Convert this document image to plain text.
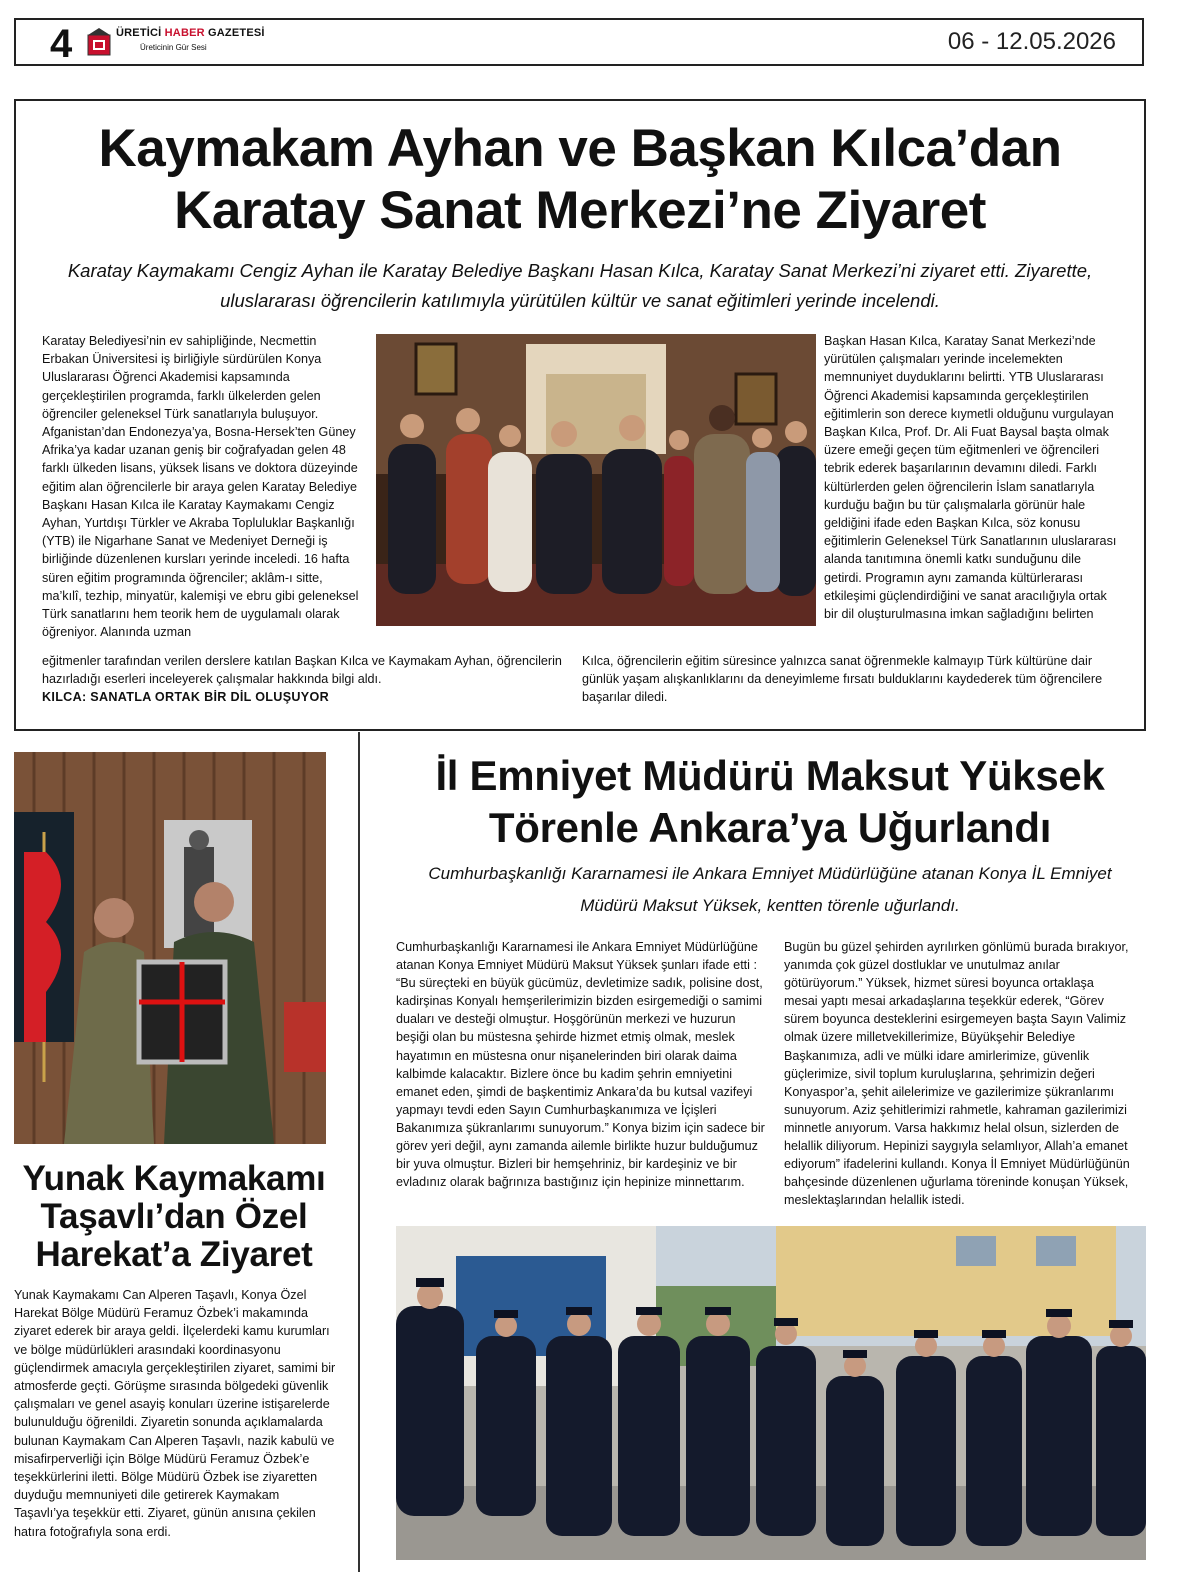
4	ÜRETİCİ HABER GAZETESİ
Üreticinin Gür Sesi	06 - 12.05.2026
Kaymakam Ayhan ve Başkan Kılca’dan
Karatay Sanat Merkezi’ne Ziyaret
Karatay Kaymakamı Cengiz Ayhan ile Karatay Belediye Başkanı Hasan Kılca, Karatay Sanat Merkezi’ni ziyaret etti. Ziyarette,
uluslararası öğrencilerin katılımıyla yürütülen kültür ve sanat eğitimleri yerinde incelendi.
Karatay Belediyesi’nin ev sahipliğinde, Necmettin Erbakan Üniversitesi iş birliğiyle sürdürülen Konya Uluslararası Öğrenci Akademisi kapsamında gerçekleştirilen programda, farklı ülkelerden gelen öğrenciler geleneksel Türk sanatlarıyla buluşuyor. Afganistan’dan Endonezya’ya, Bosna-Hersek’ten Güney Afrika’ya kadar uzanan geniş bir coğrafyadan gelen 48 farklı ülkeden lisans, yüksek lisans ve doktora düzeyinde eğitim alan öğrencilerle bir araya gelen Karatay Belediye Başkanı Hasan Kılca ile Karatay Kaymakamı Cengiz Ayhan, Yurtdışı Türkler ve Akraba Topluluklar Başkanlığı (YTB) ile Nigarhane Sanat ve Medeniyet Derneği iş birliğinde düzenlenen kursları yerinde inceledi. 16 hafta süren eğitim programında öğrenciler; aklâm-ı sitte, ma’kılî, tezhip, minyatür, kalemişi ve ebru gibi geleneksel Türk sanatlarını hem teorik hem de uygulamalı olarak öğreniyor. Alanında uzman
Başkan Hasan Kılca, Karatay Sanat Merkezi’nde yürütülen çalışmaları yerinde incelemekten memnuniyet duyduklarını belirtti. YTB Uluslararası Öğrenci Akademisi kapsamında gerçekleştirilen eğitimlerin son derece kıymetli olduğunu vurgulayan Başkan Kılca, Prof. Dr. Ali Fuat Baysal başta olmak üzere emeği geçen tüm eğitmenleri ve öğrencileri tebrik ederek başarılarının devamını diledi. Farklı kültürlerden gelen öğrencilerin İslam sanatlarıyla kurduğu bağın bu tür çalışmalarla görünür hale geldiğini ifade eden Başkan Kılca, söz konusu eğitimlerin Geleneksel Türk Sanatlarının uluslararası alanda tanıtımına önemli katkı sunduğunu dile getirdi. Programın aynı zamanda kültürlerarası etkileşimi güçlendirdiğini ve sanat aracılığıyla ortak bir dil oluşturulmasına imkan sağladığını belirten
eğitmenler tarafından verilen derslere katılan Başkan Kılca ve Kaymakam Ayhan, öğrencilerin hazırladığı eserleri inceleyerek çalışmalar hakkında bilgi aldı.
KILCA: SANATLA ORTAK BİR DİL OLUŞUYOR
Kılca, öğrencilerin eğitim süresince yalnızca sanat öğrenmekle kalmayıp Türk kültürüne dair günlük yaşam alışkanlıklarını da deneyimleme fırsatı bulduklarını kaydederek tüm öğrencilere başarılar diledi.
Yunak Kaymakamı
Taşavlı’dan Özel
Harekat’a Ziyaret
Yunak Kaymakamı Can Alperen Taşavlı, Konya Özel Harekat Bölge Müdürü Feramuz Özbek’i makamında ziyaret ederek bir araya geldi. İlçelerdeki kamu kurumları ve bölge müdürlükleri arasındaki koordinasyonu güçlendirmek amacıyla gerçekleştirilen ziyaret, samimi bir atmosferde geçti. Görüşme sırasında bölgedeki güvenlik çalışmaları ve genel asayiş konuları üzerine istişarelerde bulunulduğu öğrenildi. Ziyaretin sonunda açıklamalarda bulunan Kaymakam Can Alperen Taşavlı, nazik kabulü ve misafirperverliği için Bölge Müdürü Feramuz Özbek’e teşekkürlerini iletti. Bölge Müdürü Özbek ise ziyaretten duyduğu memnuniyeti dile getirerek Kaymakam Taşavlı’ya teşekkür etti. Ziyaret, günün anısına çekilen hatıra fotoğrafıyla sona erdi.
İl Emniyet Müdürü Maksut Yüksek
Törenle Ankara’ya Uğurlandı
Cumhurbaşkanlığı Kararnamesi ile Ankara Emniyet Müdürlüğüne atanan Konya İL Emniyet
Müdürü Maksut Yüksek, kentten törenle uğurlandı.
Cumhurbaşkanlığı Kararnamesi ile Ankara Emniyet Müdürlüğüne atanan Konya Emniyet Müdürü Maksut Yüksek şunları ifade etti : “Bu süreçteki en büyük gücümüz, devletimize sadık, polisine dost, kadirşinas Konyalı hemşerilerimizin bizden esirgemediği o samimi duaları ve desteği olmuştur. Hoşgörünün merkezi ve huzurun beşiği olan bu müstesna şehirde hizmet etmiş olmak, meslek hayatımın en müstesna onur nişanelerinden biri olarak daima kalbimde kalacaktır. Bizlere önce bu kadim şehrin emniyetini emanet eden, şimdi de başkentimiz Ankara’da bu kutsal vazifeyi yapmayı tevdi eden Sayın Cumhurbaşkanımıza ve İçişleri Bakanımıza şükranlarımı sunuyorum.” Konya bizim için sadece bir görev yeri değil, aynı zamanda ailemle birlikte huzur bulduğumuz bir yuva olmuştur. Bizleri bir hemşehriniz, bir kardeşiniz ve bir evladınız olarak bağrınıza bastığınız için hepinize minnettarım.
Bugün bu güzel şehirden ayrılırken gönlümü burada bırakıyor, yanımda çok güzel dostluklar ve unutulmaz anılar götürüyorum.” Yüksek, hizmet süresi boyunca ortaklaşa mesai yaptı mesai arkadaşlarına teşekkür ederek, “Görev sürem boyunca desteklerini esirgemeyen başta Sayın Valimiz olmak üzere milletvekillerimize, Büyükşehir Belediye Başkanımıza, adli ve mülki idare amirlerimize, güvenlik güçlerimize, sivil toplum kuruluşlarına, şehrimizin değeri Konyaspor’a, şehit ailelerimize ve gazilerimize şükranlarımı sunuyorum. Aziz şehitlerimizi rahmetle, kahraman gazilerimizi minnetle anıyorum. Varsa hakkımız helal olsun, sizlerden de helallik diliyorum. Hepinizi saygıyla selamlıyor, Allah’a emanet ediyorum” ifadelerini kullandı. Konya İl Emniyet Müdürlüğünün bahçesinde düzenlenen uğurlama töreninde konuşan Yüksek, meslektaşlarından helallik istedi.
